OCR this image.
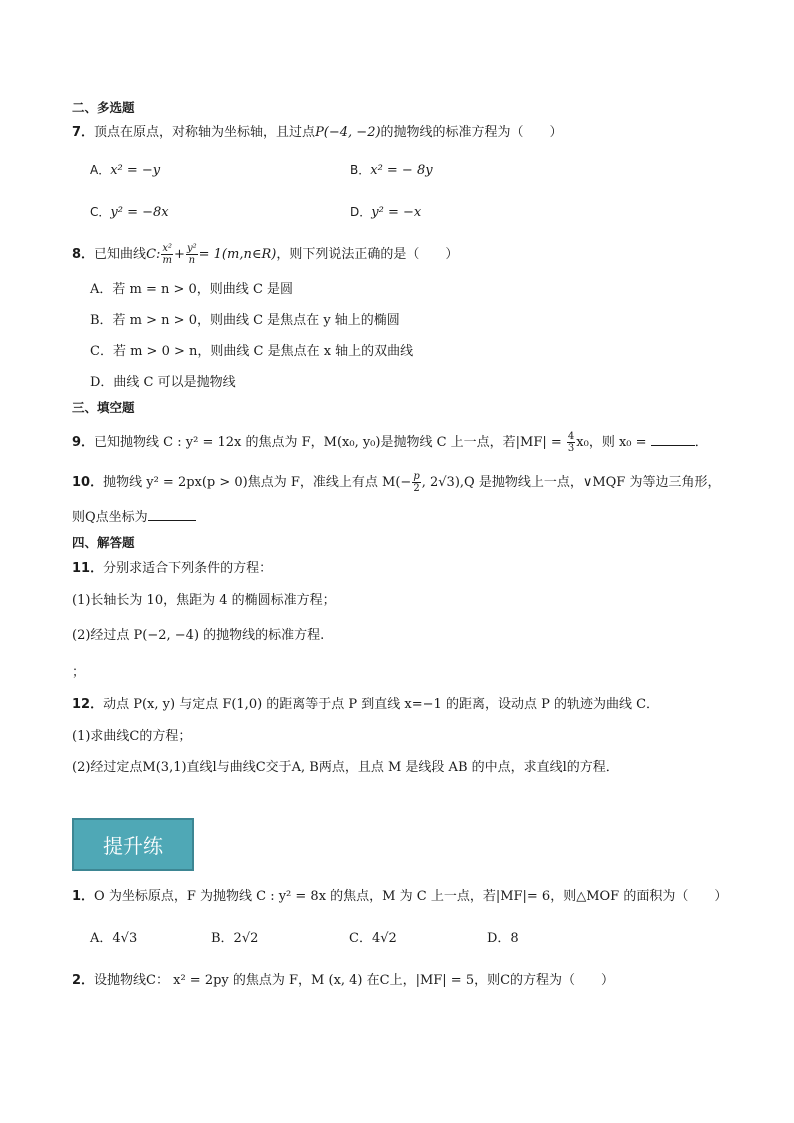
二、多选题
7．顶点在原点，对称轴为坐标轴，且过点P(−4, −2)的抛物线的标准方程为（　　）
A．x² = −y	B．x² = − 8y
C．y² = −8x	D．y² = −x
8．已知曲线C: $\frac{\text{x²}}{m} + \frac{\text{y²}}{n}$ = 1(m,n∈R)，则下列说法正确的是（　　）
A．若 m = n > 0，则曲线 C 是圆
B．若 m > n > 0，则曲线 C 是焦点在 y 轴上的椭圆
C．若 m > 0 > n，则曲线 C 是焦点在 x 轴上的双曲线
D．曲线 C 可以是抛物线
三、填空题
9．已知抛物线 C : y² = 12x 的焦点为 F，M(x₀, y₀)是抛物线 C 上一点，若$|MF| = \frac{4}{3} x_0$，则 x₀ =	．
10．抛物线 y² = 2px(p > 0)焦点为 F，准线上有点 $M(- \frac{p}{2}$ , 2√3),Q 是抛物线上一点，∨MQF 为等边三角形，
则Q点坐标为
四、解答题
11．分别求适合下列条件的方程：
(1)长轴长为 10，焦距为 4 的椭圆标准方程；
(2)经过点 P(−2, −4) 的抛物线的标准方程.
；
12．动点 P(x, y) 与定点 F(1,0) 的距离等于点 P 到直线 x=−1 的距离，设动点 P 的轨迹为曲线 C．
(1)求曲线C的方程；
(2)经过定点M(3,1)直线l与曲线C交于A, B两点，且点 M 是线段 AB 的中点，求直线l的方程．
提升练
1．O 为坐标原点，F 为抛物线 C : y² = 8x 的焦点，M 为 C 上一点，若|MF|= 6，则△MOF 的面积为（　　）
A．4√3	B．2√2	C．4√2	D．8
2．设抛物线C： x² = 2py 的焦点为 F，M (x, 4) 在C上，|MF| = 5，则C的方程为（　　）
